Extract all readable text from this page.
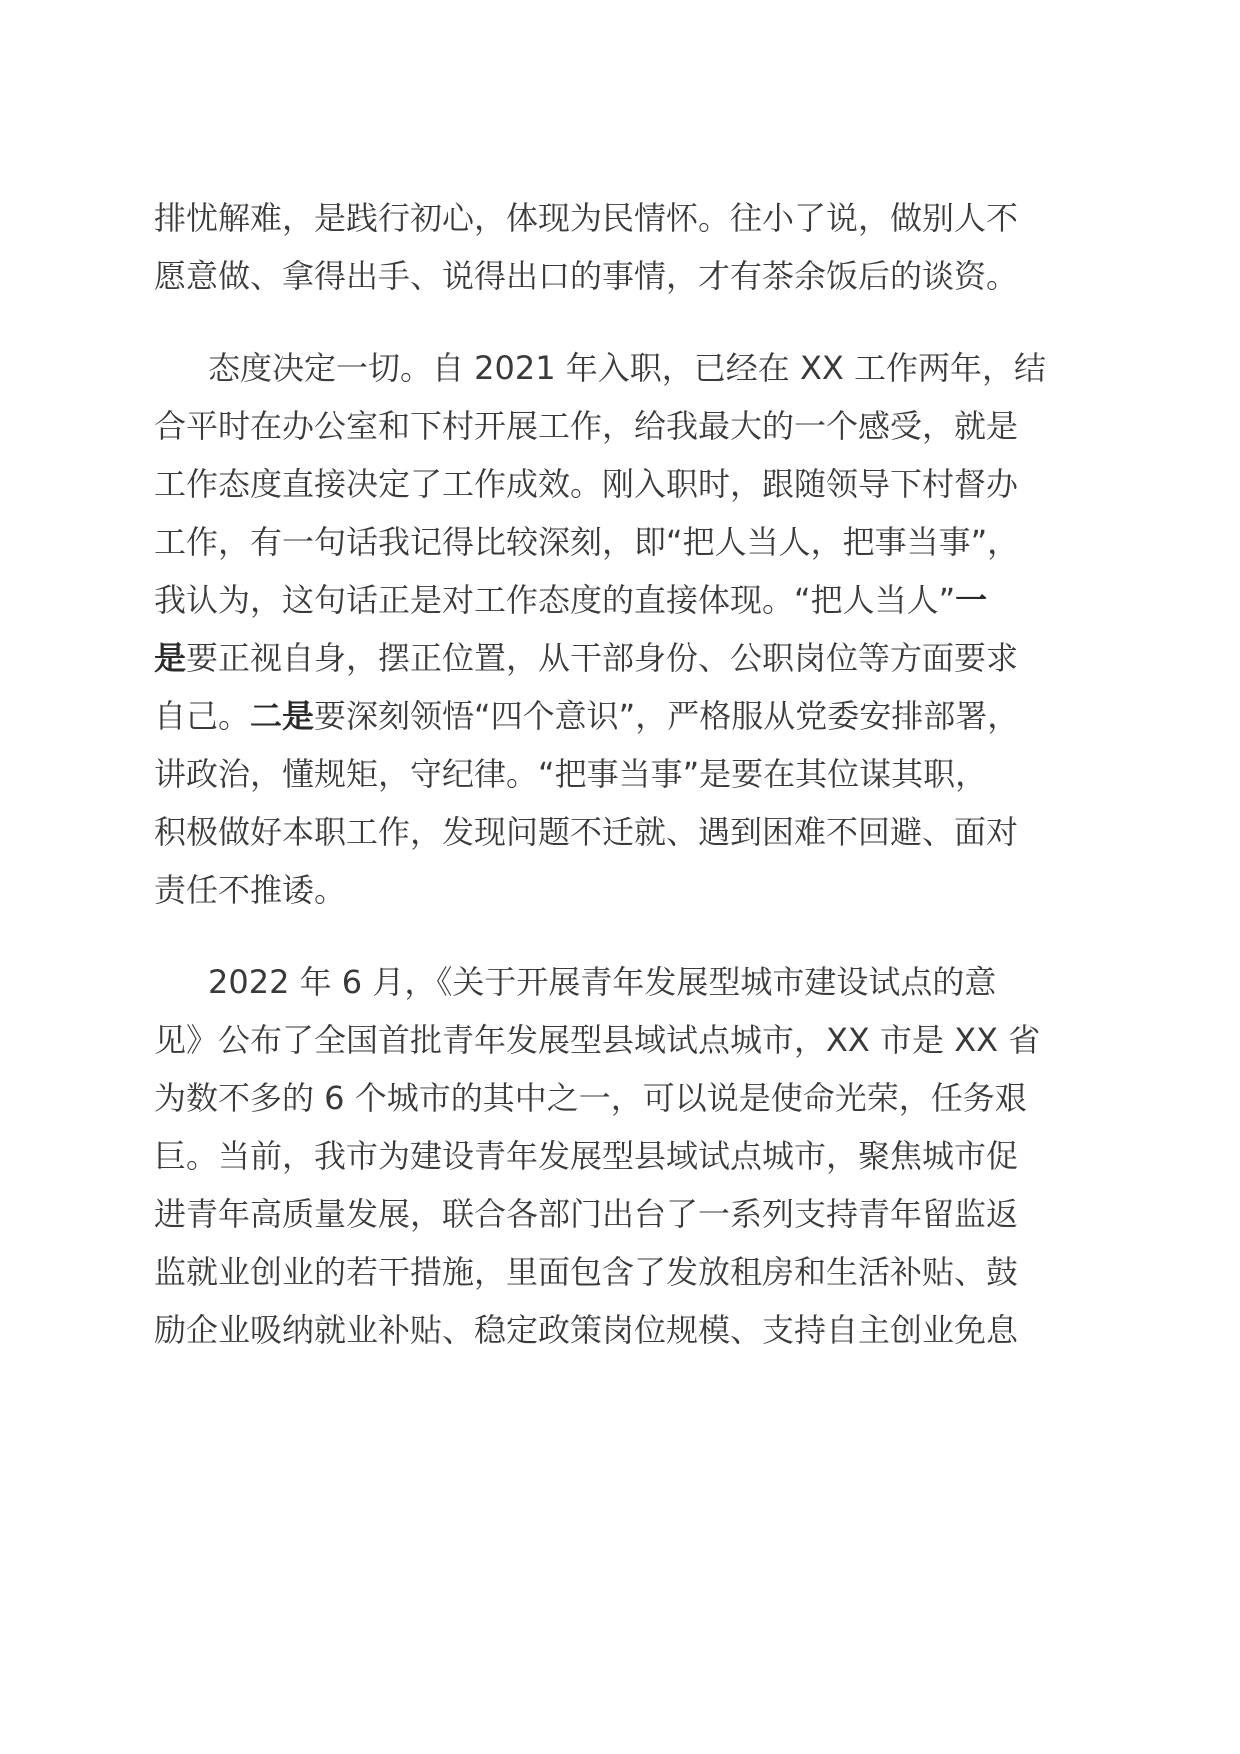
排忧解难，是践行初心，体现为民情怀。往小了说，做别人不
愿意做、拿得出手、说得出口的事情，才有茶余饭后的谈资。
态度决定一切。自 2021 年入职，已经在 XX 工作两年，结
合平时在办公室和下村开展工作，给我最大的一个感受，就是
工作态度直接决定了工作成效。刚入职时，跟随领导下村督办
工作，有一句话我记得比较深刻，即“把人当人，把事当事”，
我认为，这句话正是对工作态度的直接体现。“把人当人”一
是要正视自身，摆正位置，从干部身份、公职岗位等方面要求
自己。二是要深刻领悟“四个意识”，严格服从党委安排部署，
讲政治，懂规矩，守纪律。“把事当事”是要在其位谋其职，
积极做好本职工作，发现问题不迁就、遇到困难不回避、面对
责任不推诿。
2022 年 6 月，《关于开展青年发展型城市建设试点的意
见》公布了全国首批青年发展型县域试点城市，XX 市是 XX 省
为数不多的 6 个城市的其中之一，可以说是使命光荣，任务艰
巨。当前，我市为建设青年发展型县域试点城市，聚焦城市促
进青年高质量发展，联合各部门出台了一系列支持青年留监返
监就业创业的若干措施，里面包含了发放租房和生活补贴、鼓
励企业吸纳就业补贴、稳定政策岗位规模、支持自主创业免息
